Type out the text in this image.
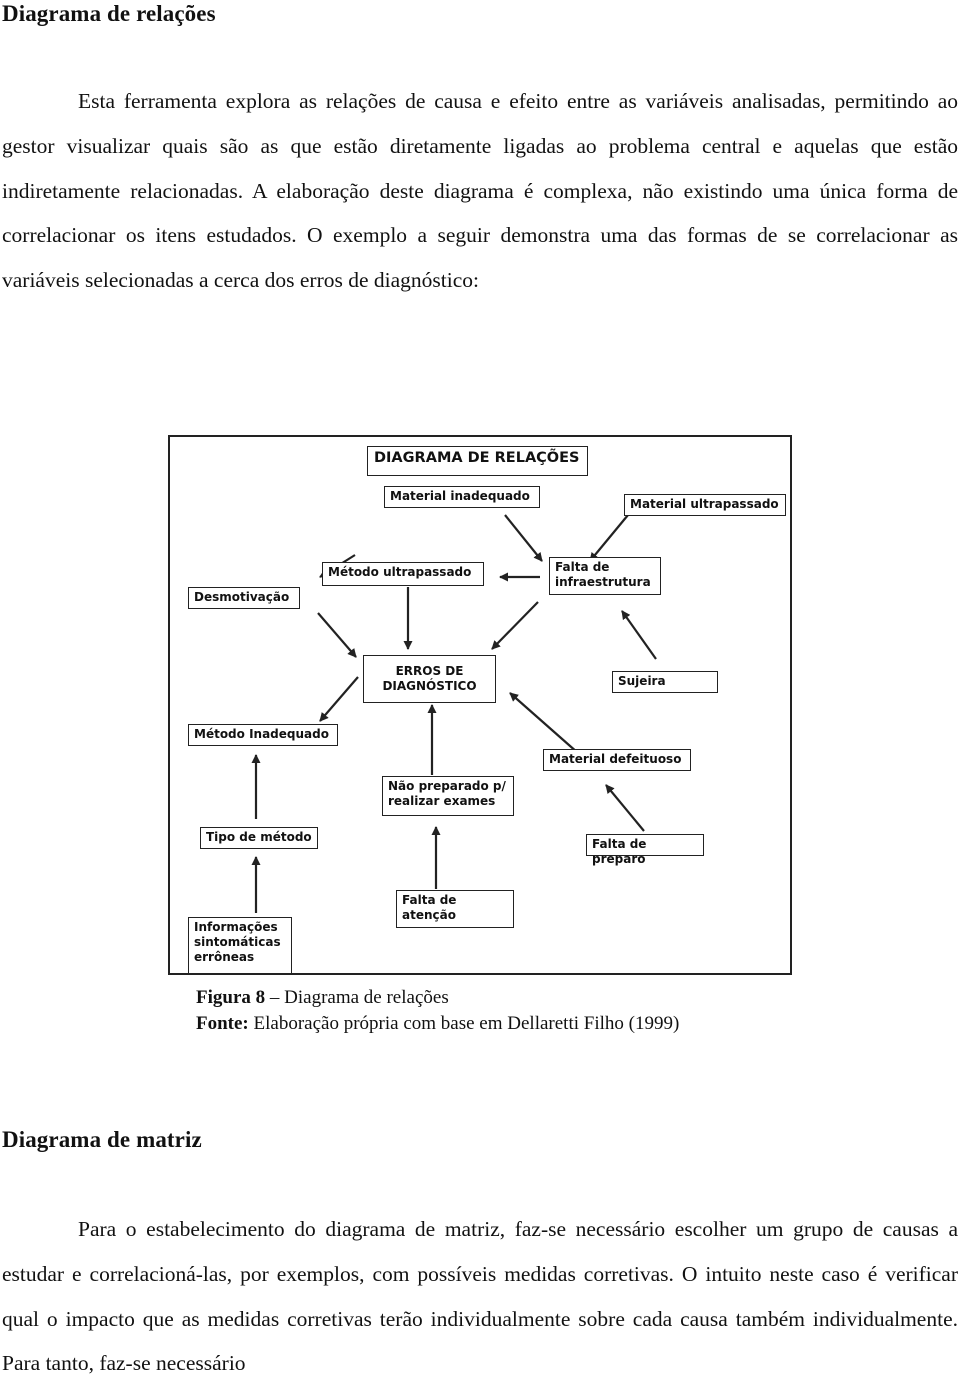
Diagrama de relações

Esta ferramenta explora as relações de causa e efeito entre as variáveis analisadas, permitindo ao gestor visualizar quais são as que estão diretamente ligadas ao problema central e aquelas que estão indiretamente relacionadas. A elaboração deste diagrama é complexa, não existindo uma única forma de correlacionar os itens estudados. O exemplo a seguir demonstra uma das formas de se correlacionar as variáveis selecionadas a cerca dos erros de diagnóstico:

DIAGRAMA DE RELAÇÕES
Material inadequado
Material ultrapassado
Método ultrapassado	Falta de
infraestrutura
Desmotivação
ERROS DE
DIAGNÓSTICO	Sujeira
Método Inadequado
Material defeituoso
Não preparado p/
realizar exames
Tipo de método	Falta de preparo
Falta de
atenção
Informações
sintomáticas
errôneas

Figura 8 – Diagrama de relações

Fonte: Elaboração própria com base em Dellaretti Filho (1999)

Diagrama de matriz

Para o estabelecimento do diagrama de matriz, faz-se necessário escolher um grupo de causas a estudar e correlacioná-las, por exemplos, com possíveis medidas corretivas. O intuito neste caso é verificar qual o impacto que as medidas corretivas terão individualmente sobre cada causa também individualmente. Para tanto, faz-se necessário
